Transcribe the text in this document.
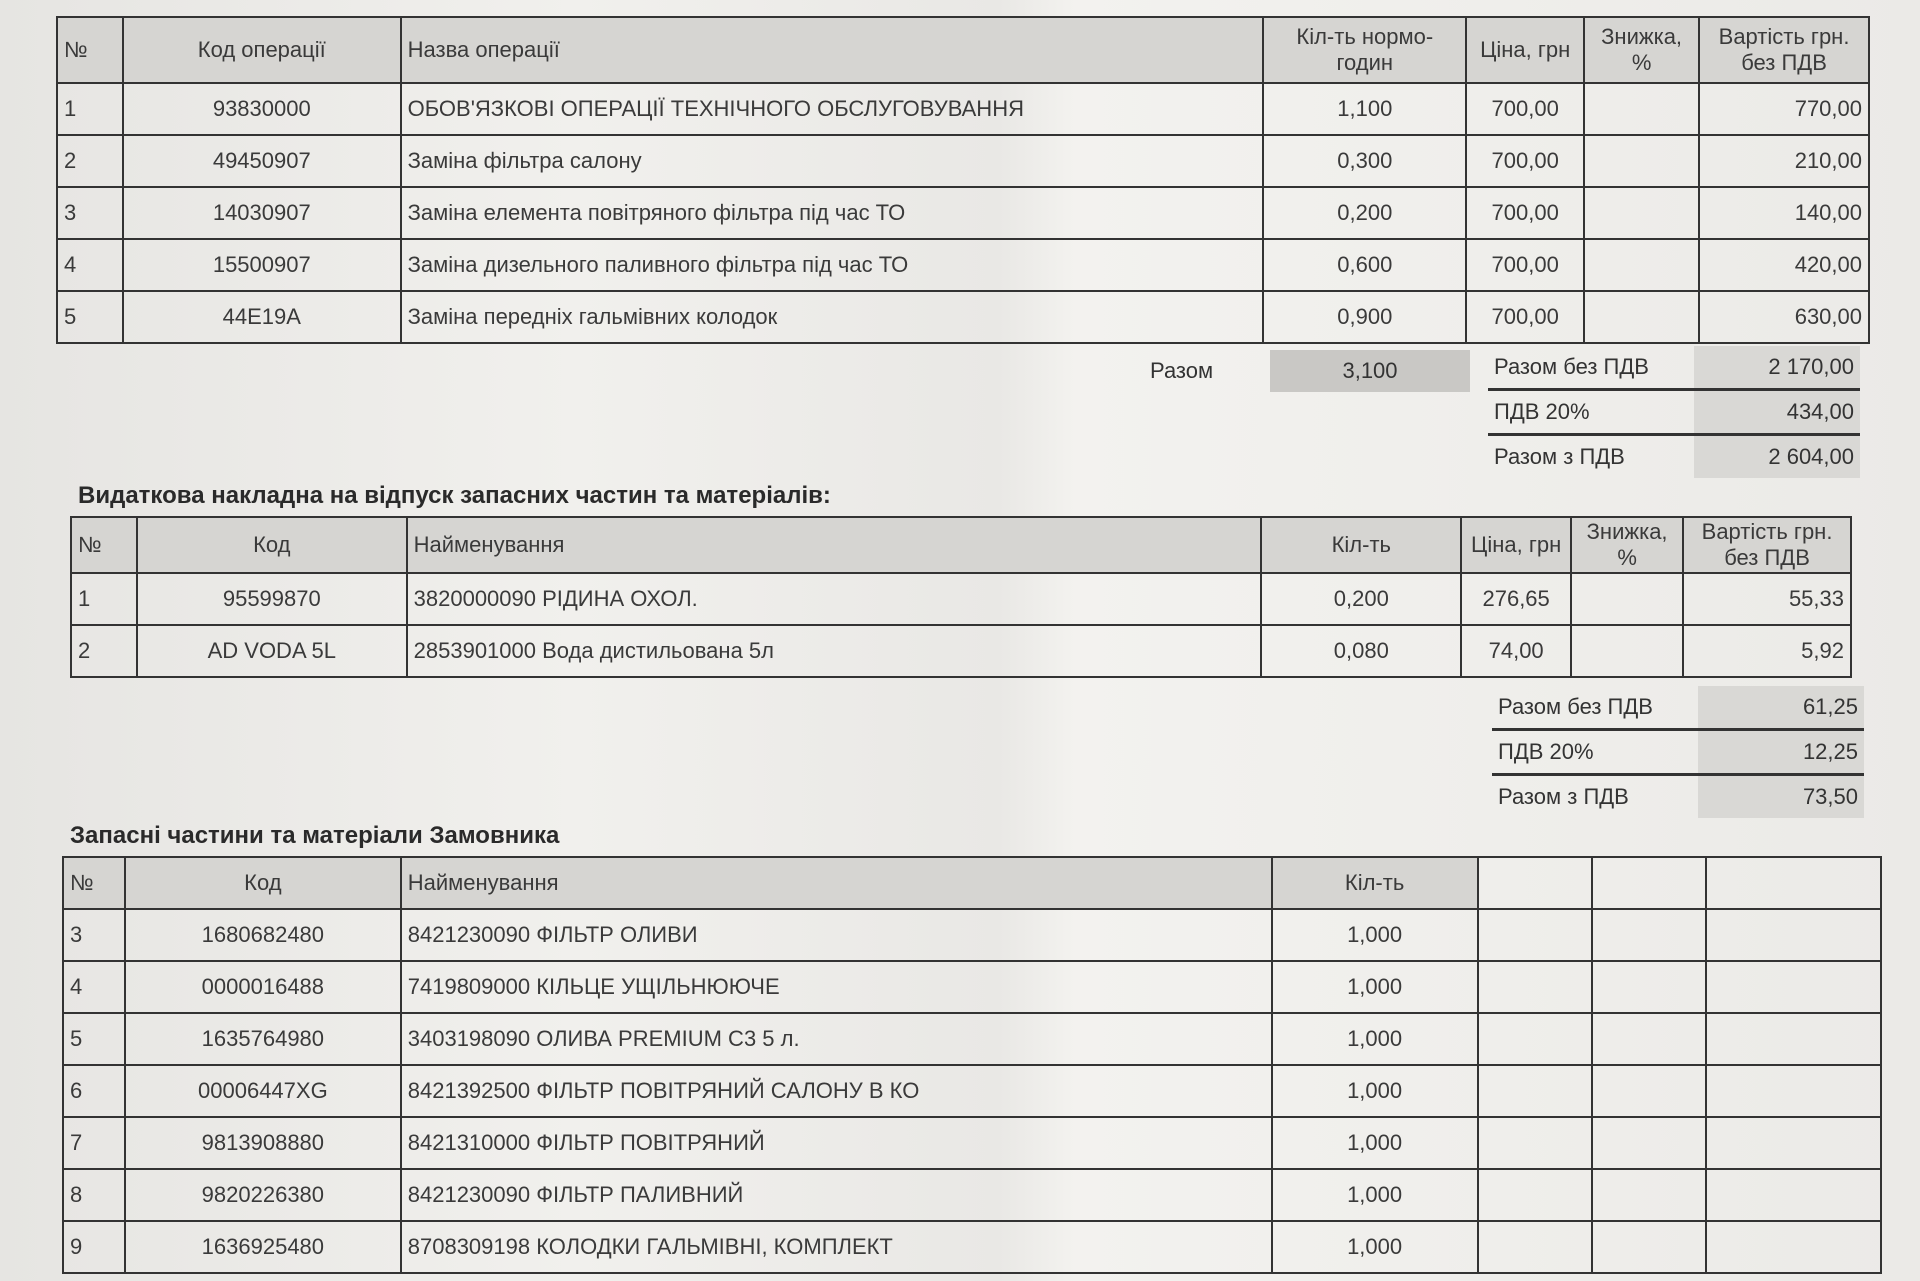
№	Код операції	Назва операції	Кіл-ть нормо-годин	Ціна, грн	Знижка, %	Вартість грн. без ПДВ
1	93830000	ОБОВ'ЯЗКОВІ ОПЕРАЦІЇ ТЕХНІЧНОГО ОБСЛУГОВУВАННЯ	1,100	700,00		770,00
2	49450907	Заміна фільтра салону	0,300	700,00		210,00
3	14030907	Заміна елемента повітряного фільтра під час ТО	0,200	700,00		140,00
4	15500907	Заміна дизельного паливного фільтра під час ТО	0,600	700,00		420,00
5	44E19A	Заміна передніх гальмівних колодок	0,900	700,00		630,00
Разом	3,100	Разом без ПДВ	2 170,00
ПДВ 20%	434,00
Разом з ПДВ	2 604,00
Видаткова накладна на відпуск запасних частин та матеріалів:
№	Код	Найменування	Кіл-ть	Ціна, грн	Знижка, %	Вартість грн. без ПДВ
1	95599870	3820000090 РІДИНА ОХОЛ.	0,200	276,65		55,33
2	AD VODA 5L	2853901000 Вода дистильована 5л	0,080	74,00		5,92
Разом без ПДВ	61,25
ПДВ 20%	12,25
Разом з ПДВ	73,50
Запасні частини та матеріали Замовника
№	Код	Найменування	Кіл-ть			
3	1680682480	8421230090 ФІЛЬТР ОЛИВИ	1,000			
4	0000016488	7419809000 КІЛЬЦЕ УЩІЛЬНЮЮЧЕ	1,000			
5	1635764980	3403198090 ОЛИВА PREMIUM C3 5 л.	1,000			
6	00006447XG	8421392500 ФІЛЬТР ПОВІТРЯНИЙ САЛОНУ В КО	1,000			
7	9813908880	8421310000 ФІЛЬТР ПОВІТРЯНИЙ	1,000			
8	9820226380	8421230090 ФІЛЬТР ПАЛИВНИЙ	1,000			
9	1636925480	8708309198 КОЛОДКИ ГАЛЬМІВНІ, КОМПЛЕКТ	1,000			
